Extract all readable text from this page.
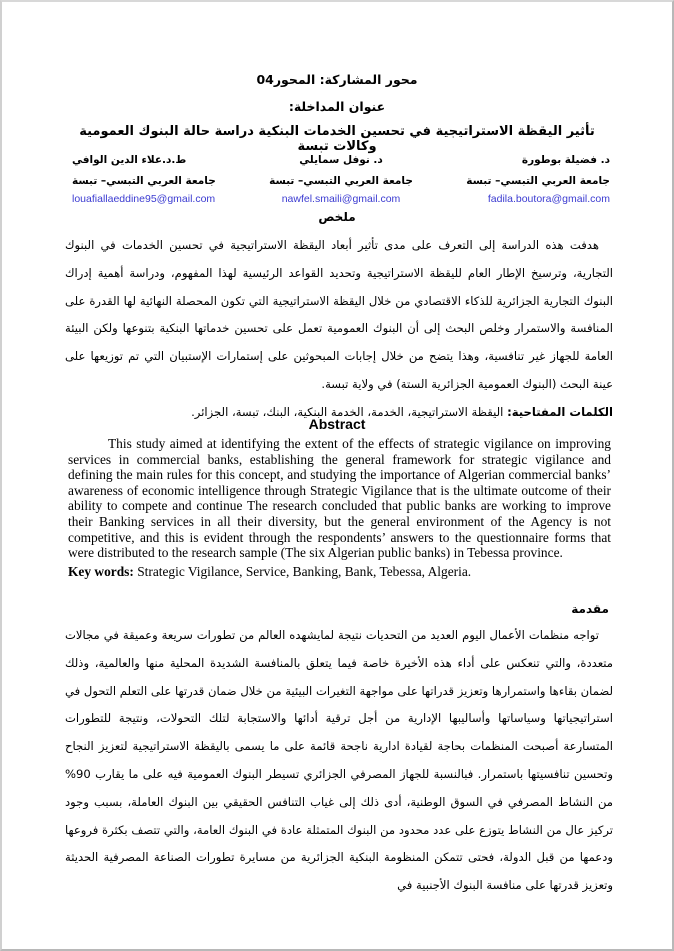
محور المشاركة: المحور04
عنوان المداخلة:
تأثير اليقظة الاستراتيجية في تحسين الخدمات البنكية دراسة حالة البنوك العمومية وكالات تبسة
د. فضيلة بوطورة
جامعة العربي التبسي– تبسة
fadila.boutora@gmail.com
د. نوفل سمايلي
جامعة العربي التبسي– تبسة
nawfel.smaili@gmail.com
ط.د.علاء الدين الوافي
جامعة العربي التبسي– تبسة
louafiallaeddine95@gmail.com
ملخص
هدفت هذه الدراسة إلى التعرف على مدى تأثير أبعاد اليقظة الاستراتيجية في تحسين الخدمات في البنوك التجارية، وترسيخ الإطار العام لليقظة الاستراتيجية وتحديد القواعد الرئيسية لهذا المفهوم، ودراسة أهمية إدراك البنوك التجارية الجزائرية للذكاء الاقتصادي من خلال اليقظة الاستراتيجية التي تكون المحصلة النهائية لها القدرة على المنافسة والاستمرار وخلص البحث إلى أن البنوك العمومية تعمل على تحسين خدماتها البنكية بتنوعها ولكن البيئة العامة للجهاز غير تنافسية، وهذا يتضح من خلال إجابات المبحوثين على إستمارات الإستبيان التي تم توزيعها على عينة البحث (البنوك العمومية الجزائرية الستة) في ولاية تبسة.
الكلمات المفتاحية: اليقظة الاستراتيجية، الخدمة، الخدمة البنكية، البنك، تبسة، الجزائر.
Abstract
This study aimed at identifying the extent of the effects of strategic vigilance on improving services in commercial banks, establishing the general framework for strategic vigilance and defining the main rules for this concept, and studying the importance of Algerian commercial banks’ awareness of economic intelligence through Strategic Vigilance that is the ultimate outcome of their ability to compete and continue The research concluded that public banks are working to improve their Banking services in all their diversity, but the general environment of the Agency is not competitive, and this is evident through the respondents’ answers to the questionnaire forms that were distributed to the research sample (The six Algerian public banks) in Tebessa province.
Key words: Strategic Vigilance, Service, Banking, Bank, Tebessa, Algeria.
مقدمة
تواجه منظمات الأعمال اليوم العديد من التحديات نتيجة لمايشهده العالم من تطورات سريعة وعميقة في مجالات متعددة، والتي تنعكس على أداء هذه الأخيرة خاصة فيما يتعلق بالمنافسة الشديدة المحلية منها والعالمية، وذلك لضمان بقاءها واستمرارها وتعزيز قدراتها على مواجهة التغيرات البيئية من خلال ضمان قدرتها على التعلم التحول في استراتيجياتها وسياساتها وأساليبها الإدارية من أجل ترقية أدائها والاستجابة لتلك التحولات، ونتيجة للتطورات المتسارعة أصبحت المنظمات بحاجة لقيادة ادارية ناجحة قائمة على ما يسمى باليقظة الاستراتيجية لتعزيز النجاح وتحسين تنافسيتها باستمرار. فبالنسبة للجهاز المصرفي الجزائري تسيطر البنوك العمومية فيه على ما يقارب 90% من النشاط المصرفي في السوق الوطنية، أدى ذلك إلى غياب التنافس الحقيقي بين البنوك العاملة، بسبب وجود تركيز عال من النشاط يتوزع على عدد محدود من البنوك المتمثلة عادة في البنوك العامة، والتي تتصف بكثرة فروعها ودعمها من قبل الدولة، فحتى تتمكن المنظومة البنكية الجزائرية من مسايرة تطورات الصناعة المصرفية الحديثة وتعزيز قدرتها على منافسة البنوك الأجنبية في
